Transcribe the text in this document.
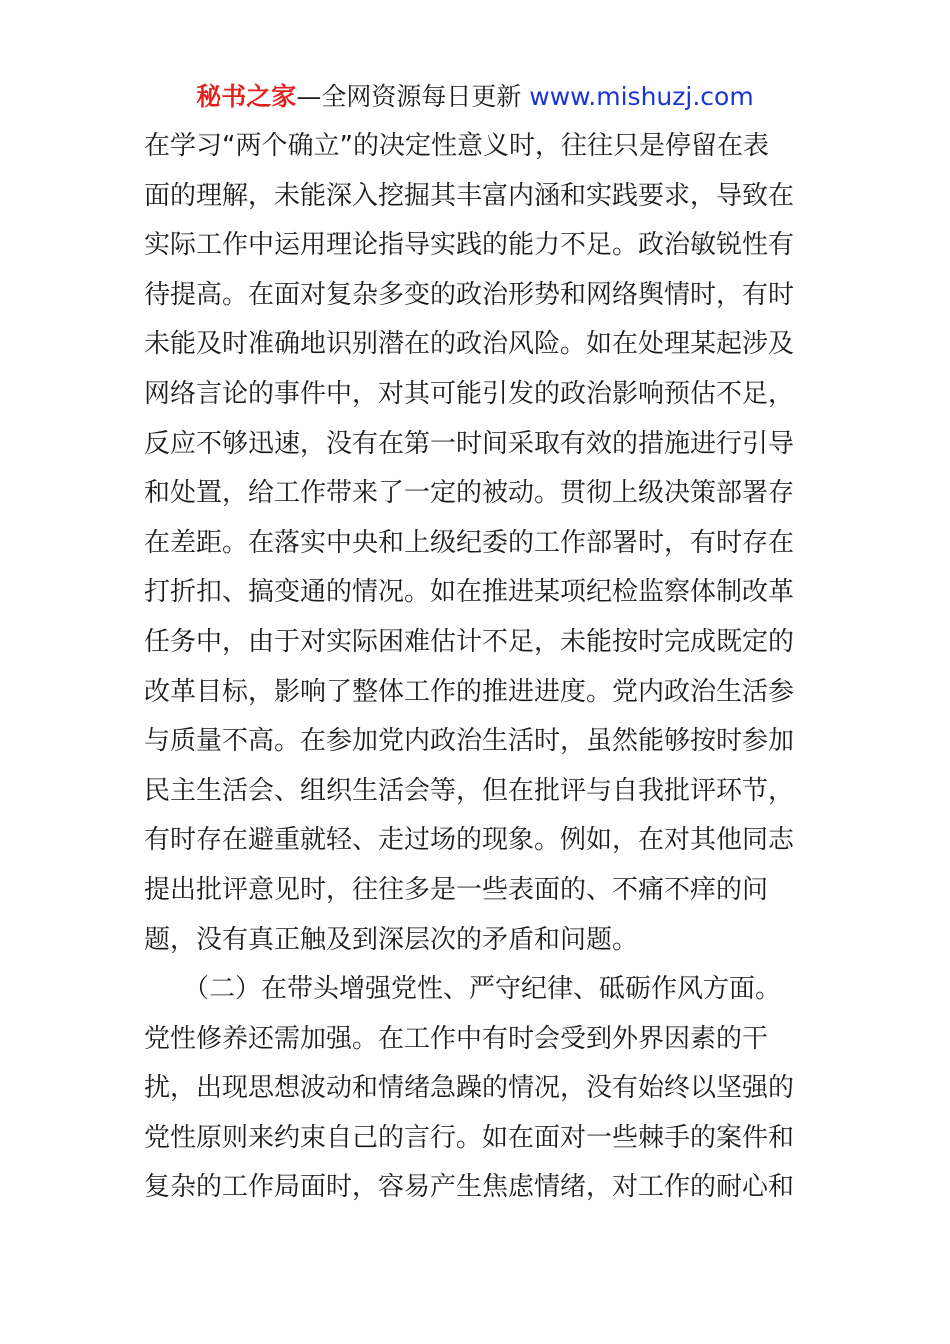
秘书之家—全网资源每日更新 www.mishuzj.com
在学习“两个确立”的决定性意义时，往往只是停留在表
面的理解，未能深入挖掘其丰富内涵和实践要求，导致在
实际工作中运用理论指导实践的能力不足。政治敏锐性有
待提高。在面对复杂多变的政治形势和网络舆情时，有时
未能及时准确地识别潜在的政治风险。如在处理某起涉及
网络言论的事件中，对其可能引发的政治影响预估不足，
反应不够迅速，没有在第一时间采取有效的措施进行引导
和处置，给工作带来了一定的被动。贯彻上级决策部署存
在差距。在落实中央和上级纪委的工作部署时，有时存在
打折扣、搞变通的情况。如在推进某项纪检监察体制改革
任务中，由于对实际困难估计不足，未能按时完成既定的
改革目标，影响了整体工作的推进进度。党内政治生活参
与质量不高。在参加党内政治生活时，虽然能够按时参加
民主生活会、组织生活会等，但在批评与自我批评环节，
有时存在避重就轻、走过场的现象。例如，在对其他同志
提出批评意见时，往往多是一些表面的、不痛不痒的问
题，没有真正触及到深层次的矛盾和问题。
　　（二）在带头增强党性、严守纪律、砥砺作风方面。
党性修养还需加强。在工作中有时会受到外界因素的干
扰，出现思想波动和情绪急躁的情况，没有始终以坚强的
党性原则来约束自己的言行。如在面对一些棘手的案件和
复杂的工作局面时，容易产生焦虑情绪，对工作的耐心和
